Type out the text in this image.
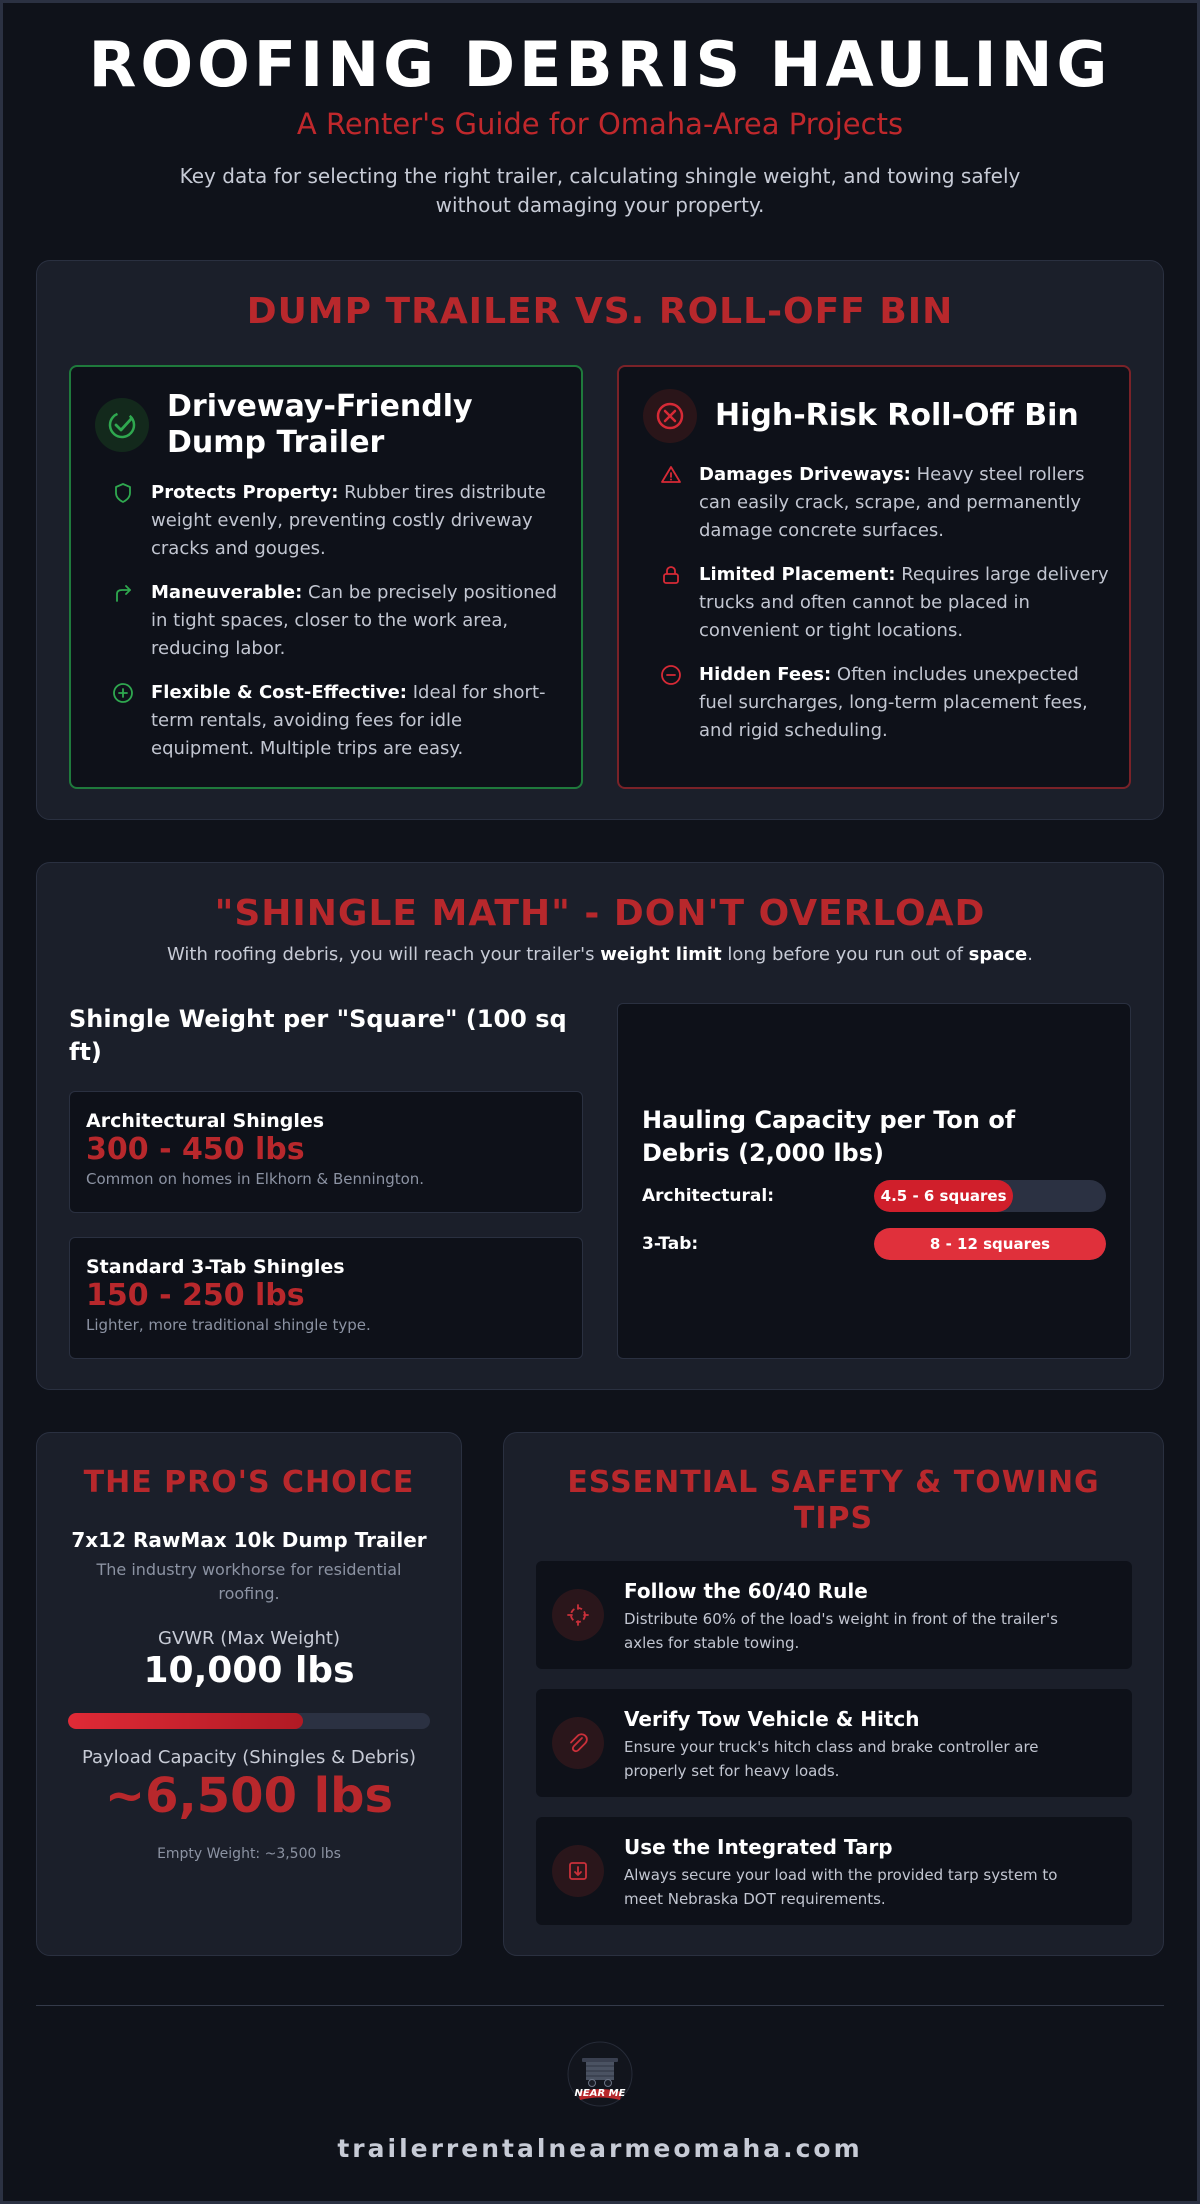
ROOFING DEBRIS HAULING
A Renter's Guide for Omaha-Area Projects
Key data for selecting the right trailer, calculating shingle weight, and towing safely without damaging your property.
DUMP TRAILER VS. ROLL-OFF BIN
Driveway-Friendly
Dump Trailer
Protects Property: Rubber tires distribute weight evenly, preventing costly driveway cracks and gouges.
Maneuverable: Can be precisely positioned in tight spaces, closer to the work area, reducing labor.
Flexible & Cost-Effective: Ideal for short-term rentals, avoiding fees for idle equipment. Multiple trips are easy.
High-Risk Roll-Off Bin
Damages Driveways: Heavy steel rollers can easily crack, scrape, and permanently damage concrete surfaces.
Limited Placement: Requires large delivery trucks and often cannot be placed in convenient or tight locations.
Hidden Fees: Often includes unexpected fuel surcharges, long-term placement fees, and rigid scheduling.
"SHINGLE MATH" - DON'T OVERLOAD
With roofing debris, you will reach your trailer's weight limit long before you run out of space.
Shingle Weight per "Square" (100 sq ft)
Architectural Shingles
300 - 450 lbs
Common on homes in Elkhorn & Bennington.
Standard 3-Tab Shingles
150 - 250 lbs
Lighter, more traditional shingle type.
Hauling Capacity per Ton of Debris (2,000 lbs)
Architectural:	4.5 - 6 squares
3-Tab:	8 - 12 squares
THE PRO'S CHOICE
7x12 RawMax 10k Dump Trailer
The industry workhorse for residential roofing.
GVWR (Max Weight)
10,000 lbs
Payload Capacity (Shingles & Debris)
~6,500 lbs
Empty Weight: ~3,500 lbs
ESSENTIAL SAFETY & TOWING
TIPS
Follow the 60/40 Rule
Distribute 60% of the load's weight in front of the trailer's axles for stable towing.
Verify Tow Vehicle & Hitch
Ensure your truck's hitch class and brake controller are properly set for heavy loads.
Use the Integrated Tarp
Always secure your load with the provided tarp system to meet Nebraska DOT requirements.
NEAR ME
trailerrentalnearmeomaha.com
